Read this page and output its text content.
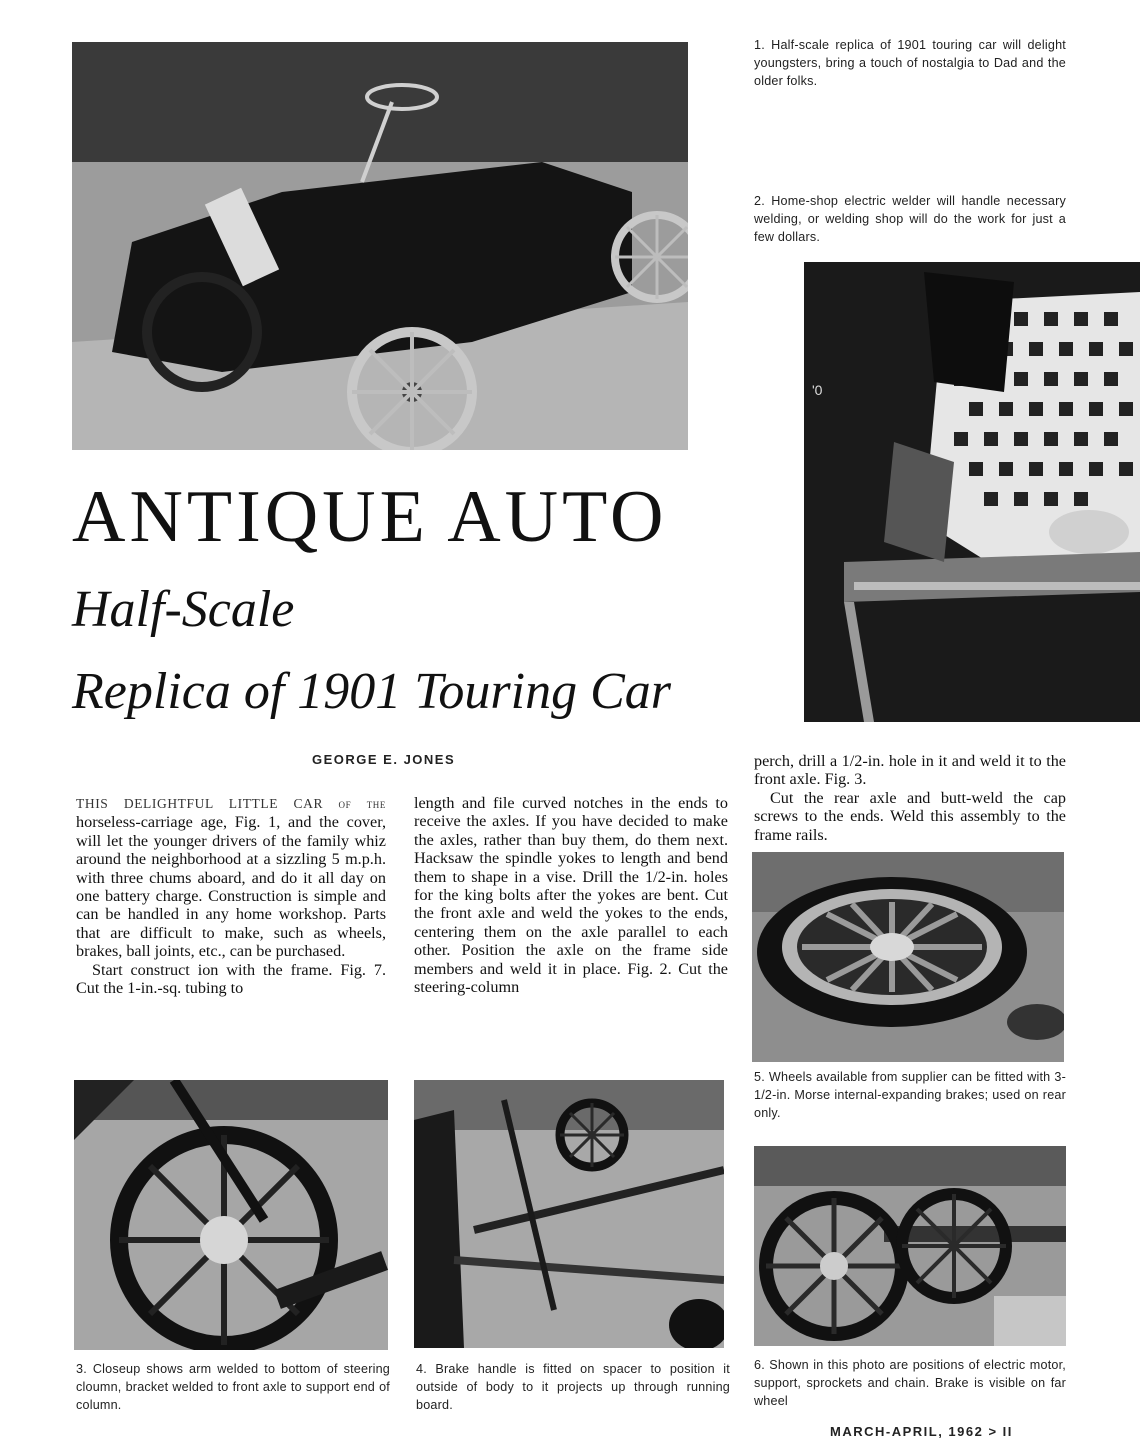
1. Half-scale replica of 1901 touring car will delight youngsters, bring a touch of nostalgia to Dad and the older folks.
2. Home-shop electric welder will handle necessary welding, or welding shop will do the work for just a few dollars.
'0
ANTIQUE AUTO
Half-Scale
Replica of 1901 Touring Car
GEORGE E. JONES
THIS DELIGHTFUL LITTLE CAR of the horseless-carriage age, Fig. 1, and the cover, will let the younger drivers of the family whiz around the neighborhood at a sizzling 5 m.p.h. with three chums aboard, and do it all day on one battery charge. Construction is simple and can be handled in any home workshop. Parts that are difficult to make, such as wheels, brakes, ball joints, etc., can be purchased.
Start construct ion with the frame. Fig. 7. Cut the 1-in.-sq. tubing to
length and file curved notches in the ends to receive the axles. If you have decided to make the axles, rather than buy them, do them next. Hacksaw the spindle yokes to length and bend them to shape in a vise. Drill the 1/2-in. holes for the king bolts after the yokes are bent. Cut the front axle and weld the yokes to the ends, centering them on the axle parallel to each other. Position the axle on the frame side members and weld it in place. Fig. 2. Cut the steering-column
perch, drill a 1/2-in. hole in it and weld it to the front axle. Fig. 3.
Cut the rear axle and butt-weld the cap screws to the ends. Weld this assembly to the frame rails.
5. Wheels available from supplier can be fitted with 3-1/2-in. Morse internal-expanding brakes; used on rear only.
6. Shown in this photo are positions of electric motor, support, sprockets and chain. Brake is visible on far wheel
3. Closeup shows arm welded to bottom of steering cloumn, bracket welded to front axle to support end of column.
4. Brake handle is fitted on spacer to position it outside of body to it projects up through running board.
MARCH-APRIL, 1962 > II
